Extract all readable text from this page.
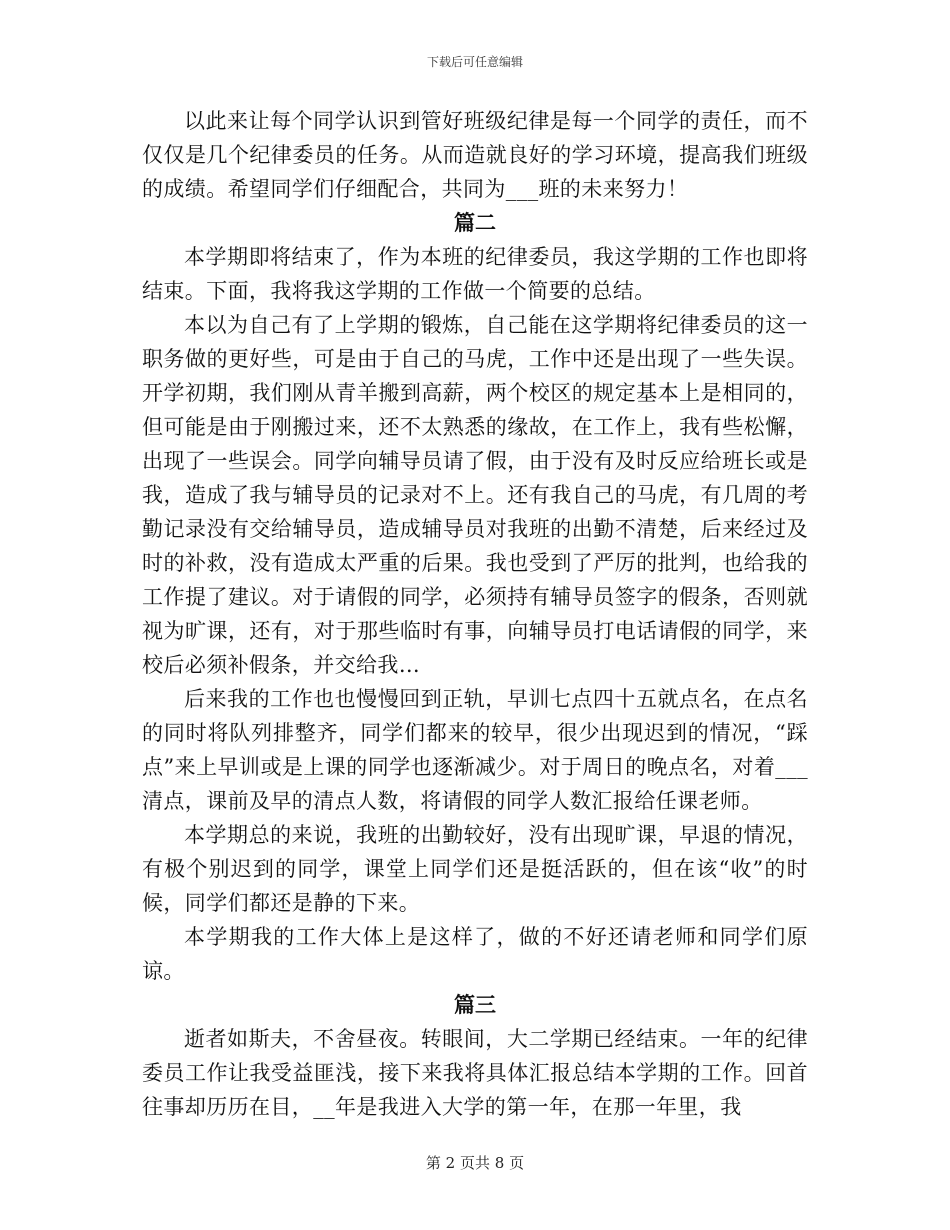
下载后可任意编辑

以此来让每个同学认识到管好班级纪律是每一个同学的责任，而不仅仅是几个纪律委员的任务。从而造就良好的学习环境，提高我们班级的成绩。希望同学们仔细配合，共同为___班的未来努力！

篇二

本学期即将结束了，作为本班的纪律委员，我这学期的工作也即将结束。下面，我将我这学期的工作做一个简要的总结。

本以为自己有了上学期的锻炼，自己能在这学期将纪律委员的这一职务做的更好些，可是由于自己的马虎，工作中还是出现了一些失误。开学初期，我们刚从青羊搬到高薪，两个校区的规定基本上是相同的，但可能是由于刚搬过来，还不太熟悉的缘故，在工作上，我有些松懈，出现了一些误会。同学向辅导员请了假，由于没有及时反应给班长或是我，造成了我与辅导员的记录对不上。还有我自己的马虎，有几周的考勤记录没有交给辅导员，造成辅导员对我班的出勤不清楚，后来经过及时的补救，没有造成太严重的后果。我也受到了严厉的批判，也给我的工作提了建议。对于请假的同学，必须持有辅导员签字的假条，否则就视为旷课，还有，对于那些临时有事，向辅导员打电话请假的同学，来校后必须补假条，并交给我…

后来我的工作也也慢慢回到正轨，早训七点四十五就点名，在点名的同时将队列排整齐，同学们都来的较早，很少出现迟到的情况，“踩点”来上早训或是上课的同学也逐渐减少。对于周日的晚点名，对着___清点，课前及早的清点人数，将请假的同学人数汇报给任课老师。

本学期总的来说，我班的出勤较好，没有出现旷课，早退的情况，有极个别迟到的同学，课堂上同学们还是挺活跃的，但在该“收”的时候，同学们都还是静的下来。

本学期我的工作大体上是这样了，做的不好还请老师和同学们原谅。

篇三

逝者如斯夫，不舍昼夜。转眼间，大二学期已经结束。一年的纪律委员工作让我受益匪浅，接下来我将具体汇报总结本学期的工作。回首往事却历历在目，__年是我进入大学的第一年，在那一年里，我

第 2 页共 8 页
